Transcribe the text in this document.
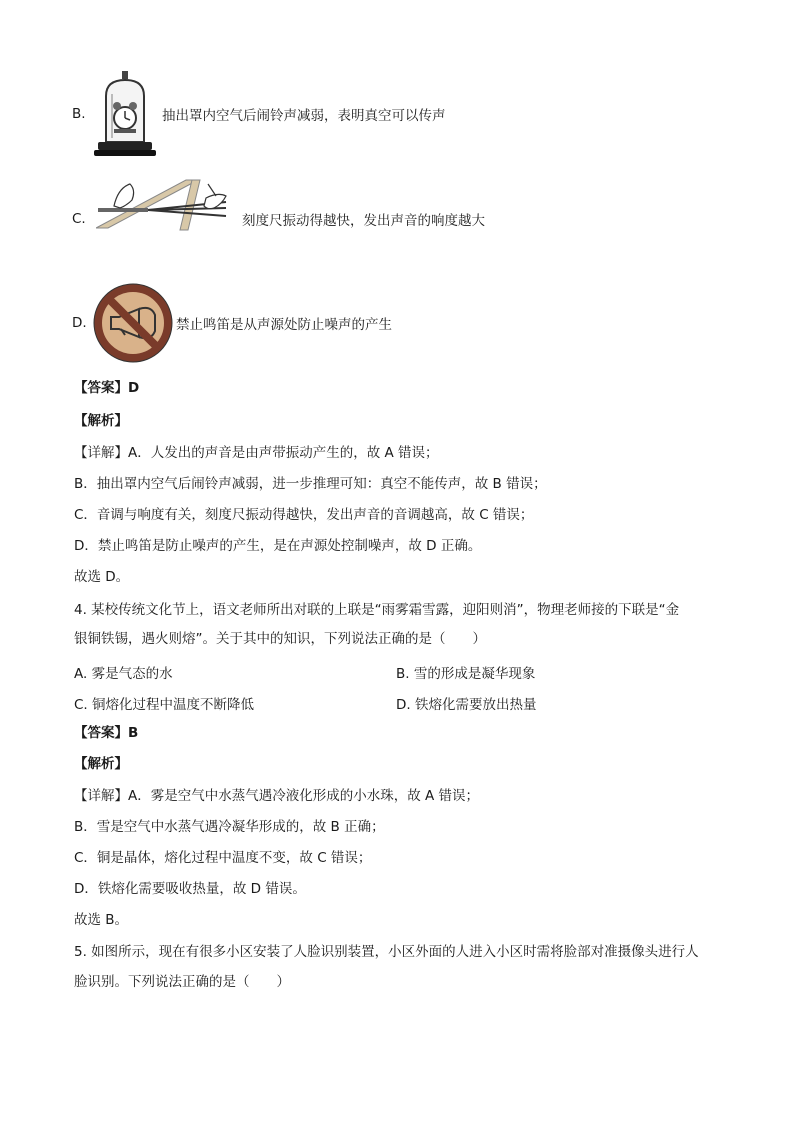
B.	抽出罩内空气后闹铃声减弱，表明真空可以传声
C.	刻度尺振动得越快，发出声音的响度越大
D.	禁止鸣笛是从声源处防止噪声的产生
【答案】D
【解析】
【详解】A．人发出的声音是由声带振动产生的，故 A 错误；
B．抽出罩内空气后闹铃声减弱，进一步推理可知：真空不能传声，故 B 错误；
C．音调与响度有关，刻度尺振动得越快，发出声音的音调越高，故 C 错误；
D．禁止鸣笛是防止噪声的产生，是在声源处控制噪声，故 D 正确。
故选 D。
4. 某校传统文化节上，语文老师所出对联的上联是“雨雾霜雪露，迎阳则消”，物理老师接的下联是“金
银铜铁锡，遇火则熔”。关于其中的知识，下列说法正确的是（　　）
A. 雾是气态的水	B. 雪的形成是凝华现象
C. 铜熔化过程中温度不断降低	D. 铁熔化需要放出热量
【答案】B
【解析】
【详解】A．雾是空气中水蒸气遇冷液化形成的小水珠，故 A 错误；
B．雪是空气中水蒸气遇冷凝华形成的，故 B 正确；
C．铜是晶体，熔化过程中温度不变，故 C 错误；
D．铁熔化需要吸收热量，故 D 错误。
故选 B。
5. 如图所示，现在有很多小区安装了人脸识别装置，小区外面的人进入小区时需将脸部对准摄像头进行人
脸识别。下列说法正确的是（　　）
